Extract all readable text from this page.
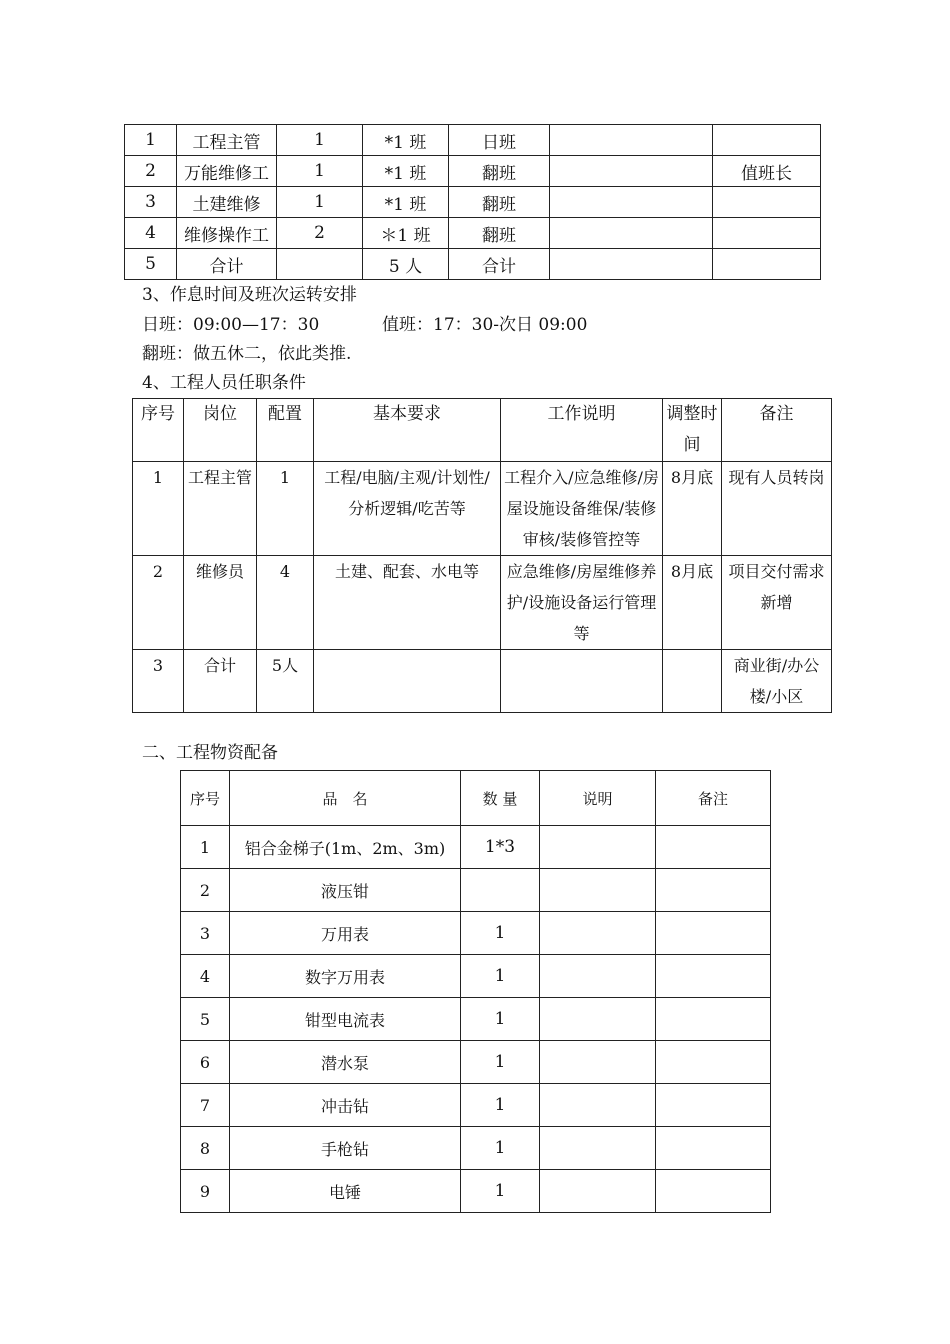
1	工程主管	1	*1 班	日班		
2	万能维修工	1	*1 班	翻班		值班长
3	土建维修	1	*1 班	翻班		
4	维修操作工	2	＊1 班	翻班		
5	合计		5 人	合计		
3、作息时间及班次运转安排
日班：09:00—17：30	值班：17：30-次日 09:00
翻班：做五休二，依此类推.
4、工程人员任职条件
序号	岗位	配置	基本要求	工作说明	调整时间	备注
1	工程主管	1	工程/电脑/主观/计划性/分析逻辑/吃苦等	工程介入/应急维修/房屋设施设备维保/装修审核/装修管控等	8月底	现有人员转岗
2	维修员	4	土建、配套、水电等	应急维修/房屋维修养护/设施设备运行管理等	8月底	项目交付需求新增
3	合计	5人				商业街/办公楼/小区
二、工程物资配备
序号	品　名	数 量	说明	备注
1	铝合金梯子(1m、2m、3m)	1*3		
2	液压钳			
3	万用表	1		
4	数字万用表	1		
5	钳型电流表	1		
6	潜水泵	1		
7	冲击钻	1		
8	手枪钻	1		
9	电锤	1		
